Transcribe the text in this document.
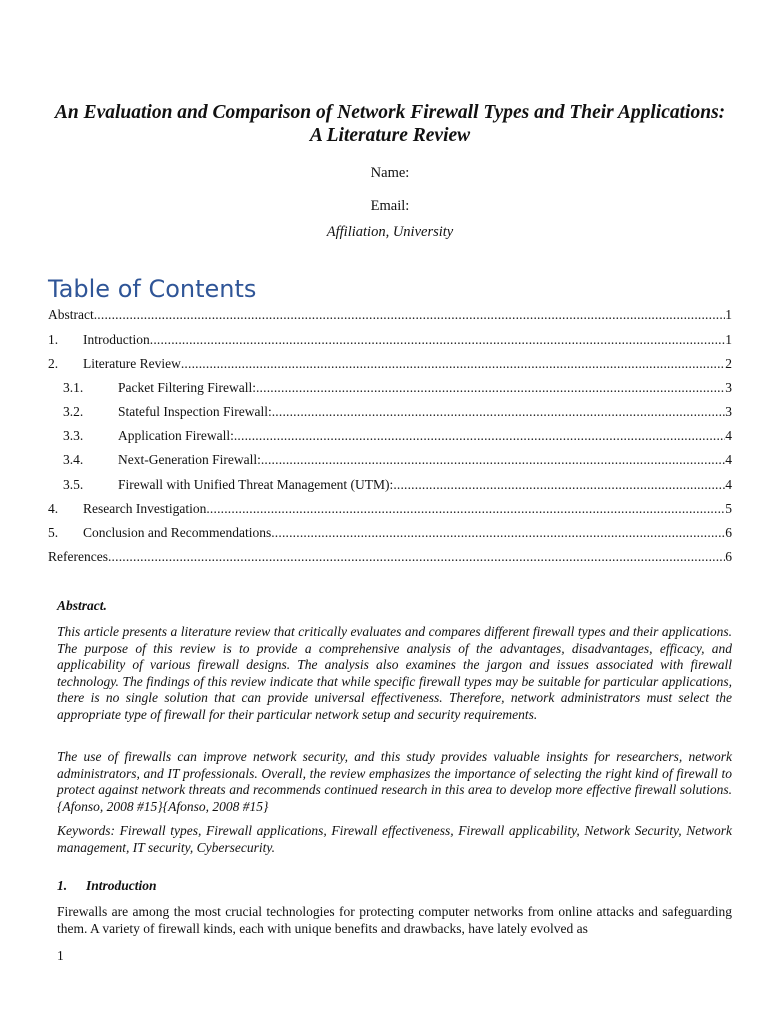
An Evaluation and Comparison of Network Firewall Types and Their Applications: A Literature Review
Name:
Email:
Affiliation, University
Table of Contents
Abstract .....	1
1.	Introduction .....	1
2.	Literature Review .....	2
3.1.	Packet Filtering Firewall: .....	3
3.2.	Stateful Inspection Firewall: .....	3
3.3.	Application Firewall: .....	4
3.4.	Next-Generation Firewall: .....	4
3.5.	Firewall with Unified Threat Management (UTM): .....	4
4.	Research Investigation .....	5
5.	Conclusion and Recommendations .....	6
References .....	6
Abstract.
This article presents a literature review that critically evaluates and compares different firewall types and their applications. The purpose of this review is to provide a comprehensive analysis of the advantages, disadvantages, efficacy, and applicability of various firewall designs. The analysis also examines the jargon and issues associated with firewall technology. The findings of this review indicate that while specific firewall types may be suitable for particular applications, there is no single solution that can provide universal effectiveness. Therefore, network administrators must select the appropriate type of firewall for their particular network setup and security requirements.
The use of firewalls can improve network security, and this study provides valuable insights for researchers, network administrators, and IT professionals. Overall, the review emphasizes the importance of selecting the right kind of firewall to protect against network threats and recommends continued research in this area to develop more effective firewall solutions.{Afonso, 2008 #15}{Afonso, 2008 #15}
Keywords: Firewall types, Firewall applications, Firewall effectiveness, Firewall applicability, Network Security, Network management, IT security, Cybersecurity.
1. Introduction
Firewalls are among the most crucial technologies for protecting computer networks from online attacks and safeguarding them. A variety of firewall kinds, each with unique benefits and drawbacks, have lately evolved as
1
